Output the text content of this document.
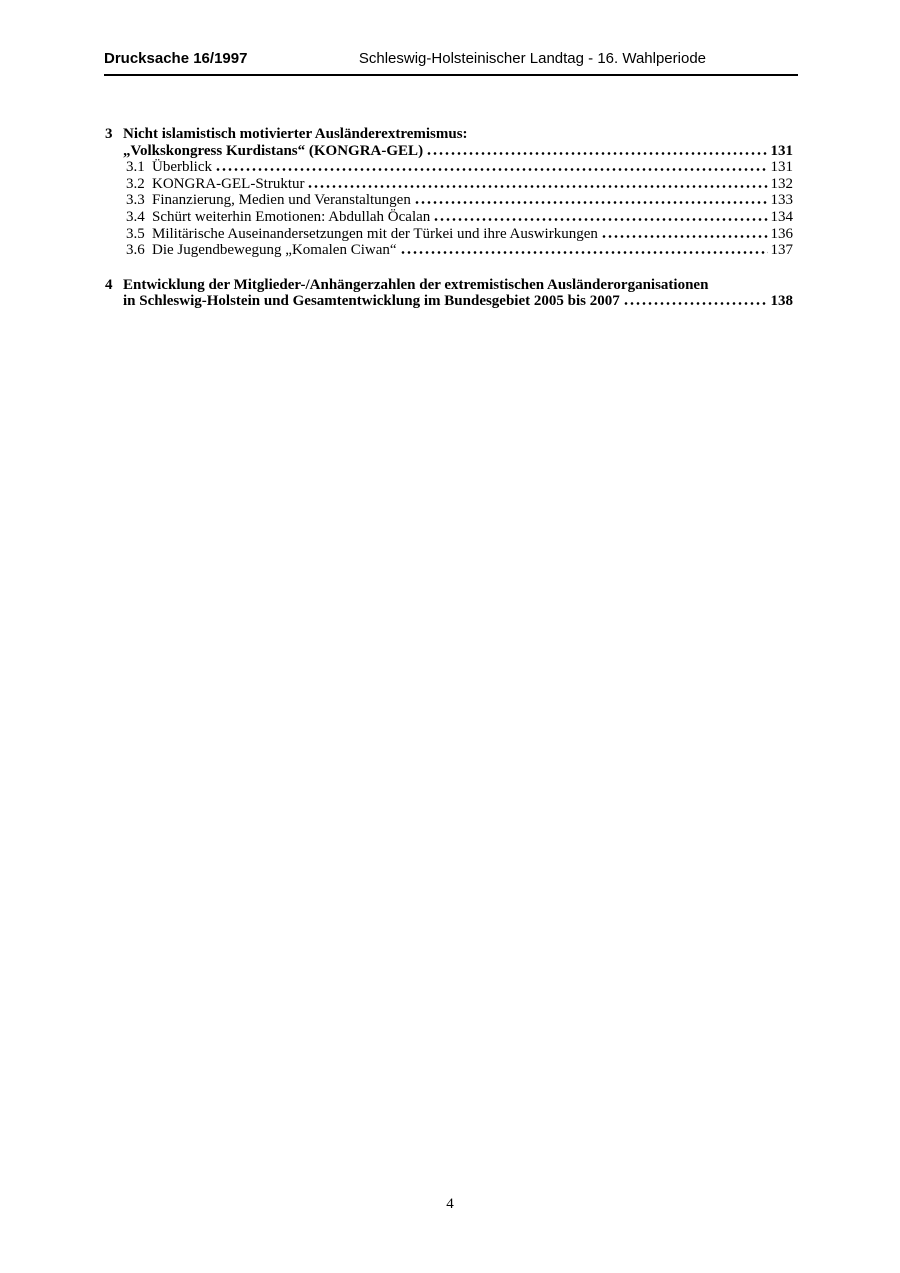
Drucksache 16/1997	Schleswig-Holsteinischer Landtag - 16. Wahlperiode
3 Nicht islamistisch motivierter Ausländerextremismus:
„Volkskongress Kurdistans“ (KONGRA-GEL)	131
3.1 Überblick	131
3.2 KONGRA-GEL-Struktur	132
3.3 Finanzierung, Medien und Veranstaltungen	133
3.4 Schürt weiterhin Emotionen: Abdullah Öcalan	134
3.5 Militärische Auseinandersetzungen mit der Türkei und ihre Auswirkungen	136
3.6 Die Jugendbewegung „Komalen Ciwan“	137
4 Entwicklung der Mitglieder-/Anhängerzahlen der extremistischen Ausländerorganisationen
in Schleswig-Holstein und Gesamtentwicklung im Bundesgebiet 2005 bis 2007	138
4
